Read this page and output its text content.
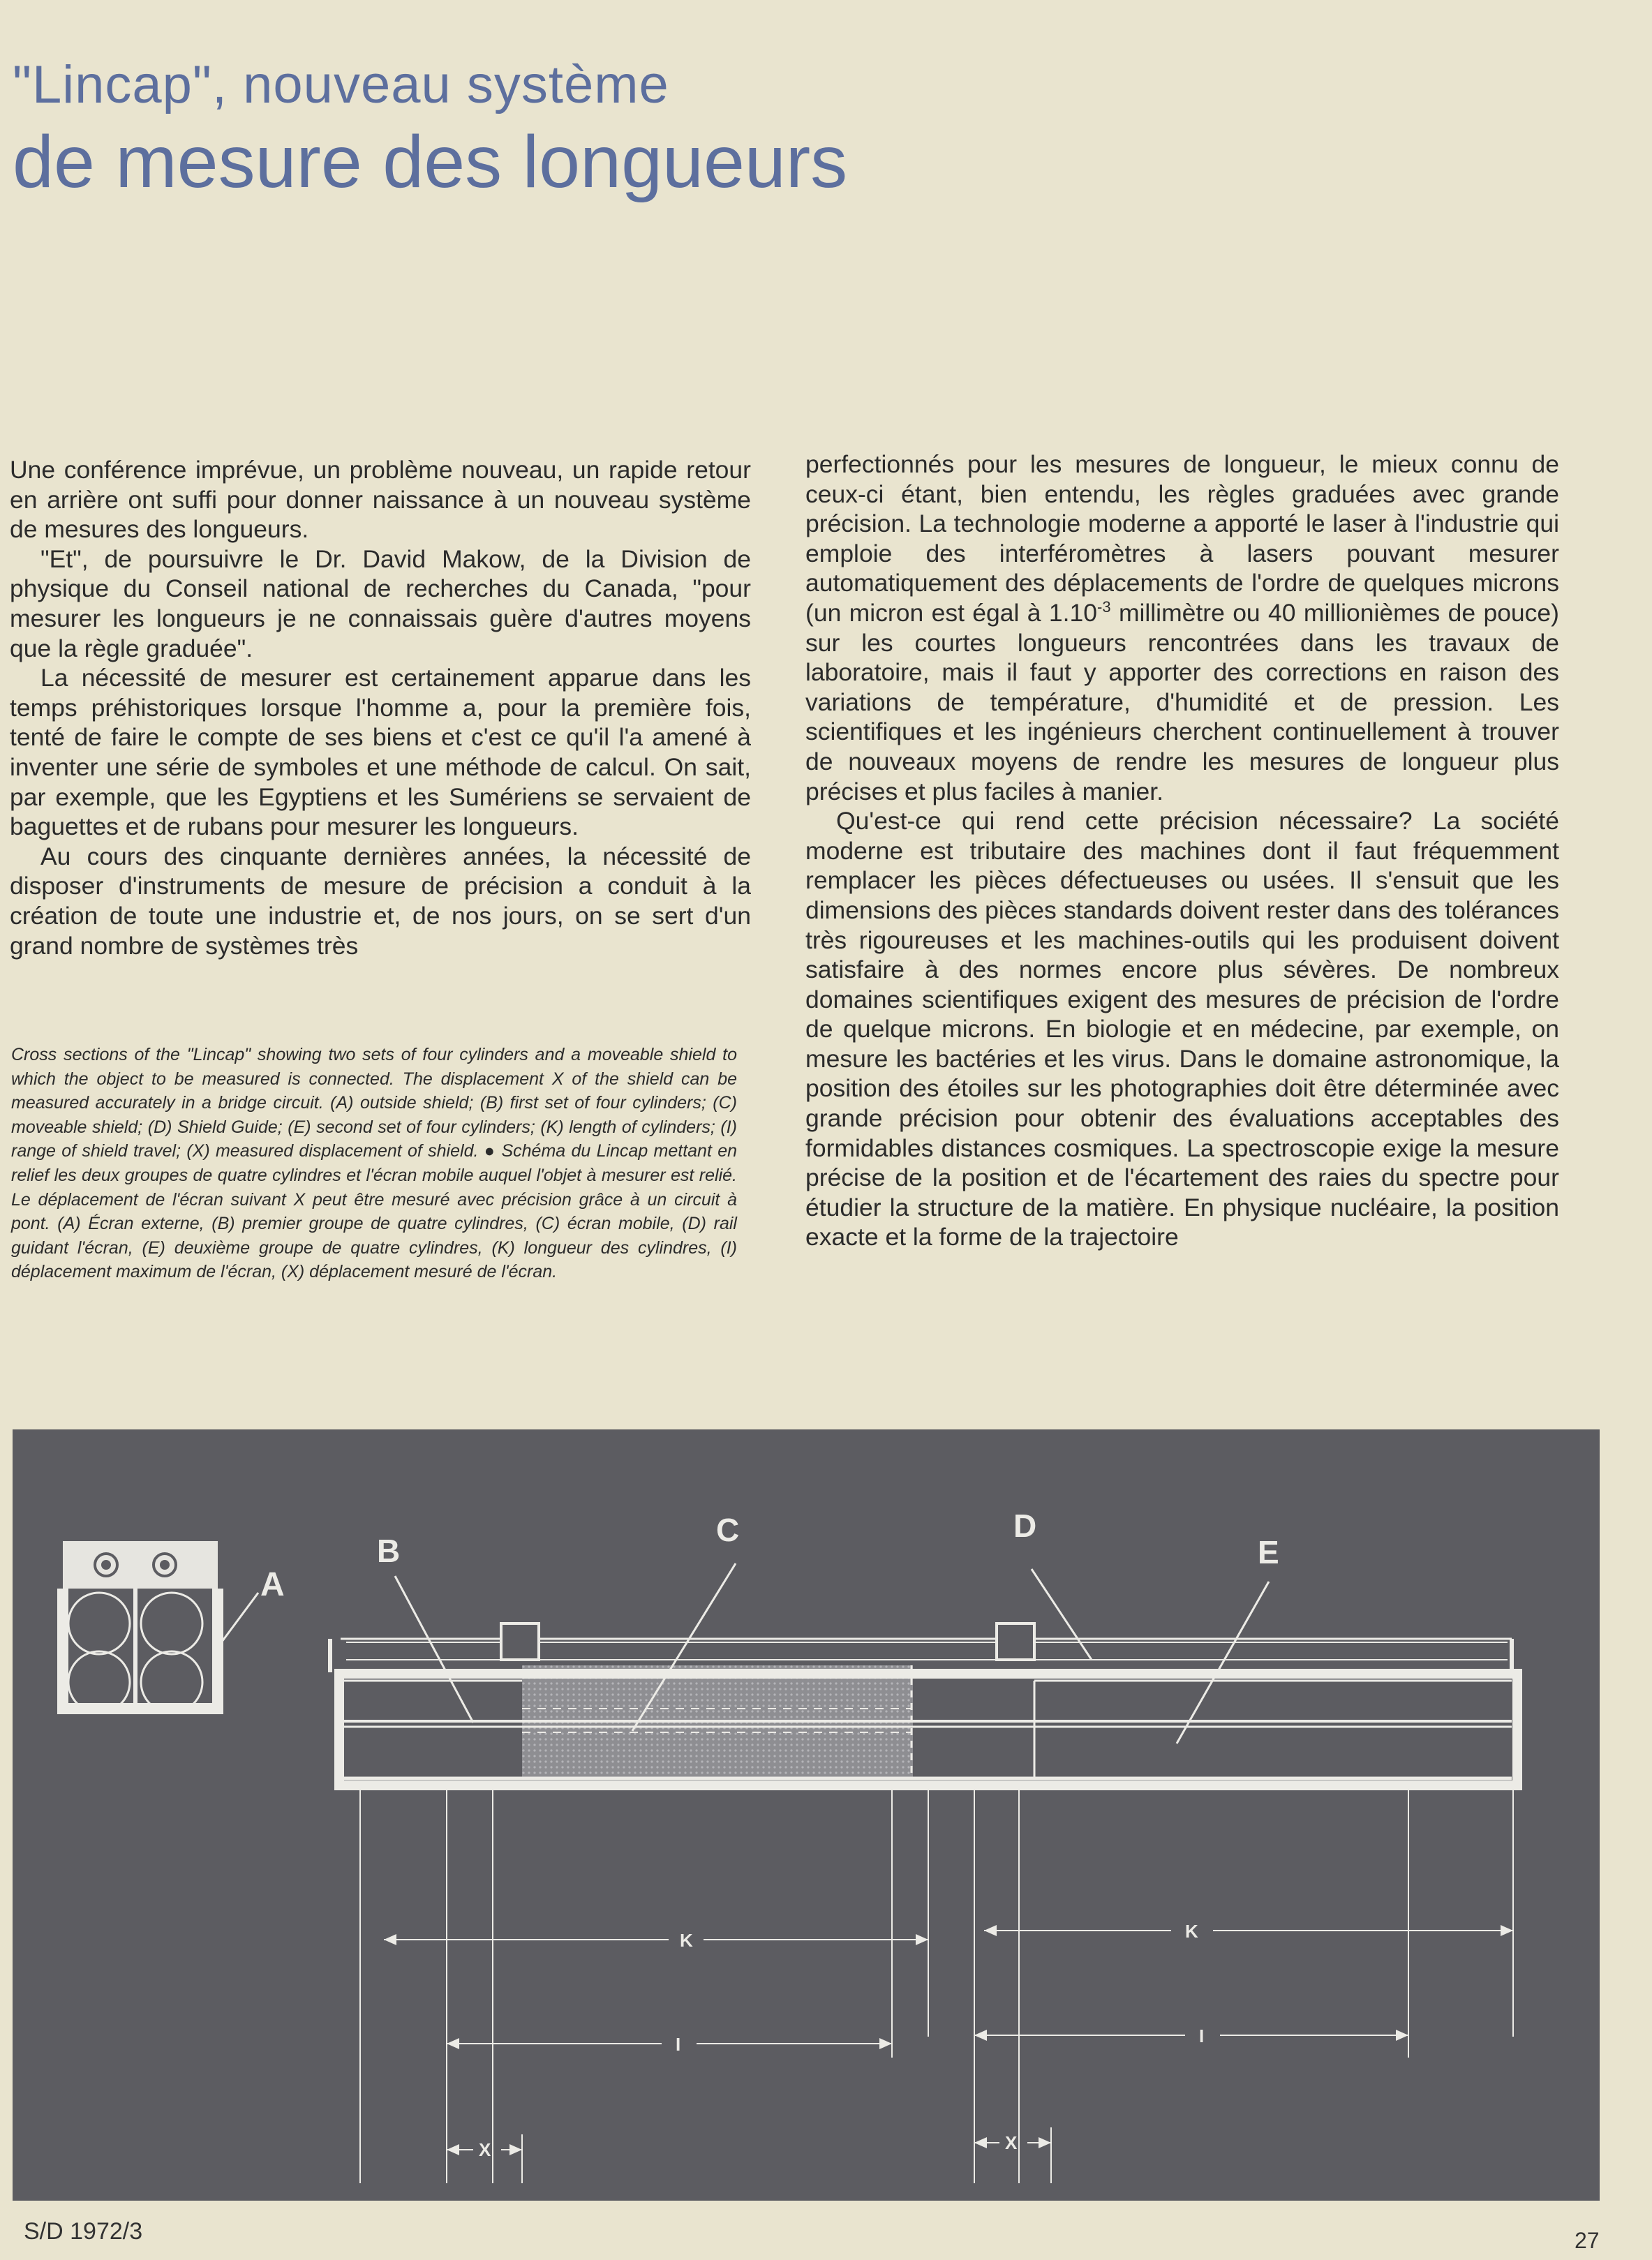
"Lincap", nouveau système
de mesure des longueurs

Une conférence imprévue, un problème nouveau, un rapide retour en arrière ont suffi pour donner naissance à un nouveau système de mesures des longueurs.

"Et", de poursuivre le Dr. David Makow, de la Division de physique du Conseil national de recherches du Canada, "pour mesurer les longueurs je ne connaissais guère d'autres moyens que la règle graduée".

La nécessité de mesurer est certainement apparue dans les temps préhistoriques lorsque l'homme a, pour la première fois, tenté de faire le compte de ses biens et c'est ce qu'il l'a amené à inventer une série de symboles et une méthode de calcul. On sait, par exemple, que les Egyptiens et les Sumériens se servaient de baguettes et de rubans pour mesurer les longueurs.

Au cours des cinquante dernières années, la nécessité de disposer d'instruments de mesure de précision a conduit à la création de toute une industrie et, de nos jours, on se sert d'un grand nombre de systèmes très

perfectionnés pour les mesures de longueur, le mieux connu de ceux-ci étant, bien entendu, les règles graduées avec grande précision. La technologie moderne a apporté le laser à l'industrie qui emploie des interféromètres à lasers pouvant mesurer automatiquement des déplacements de l'ordre de quelques microns (un micron est égal à $1.10^{-3}$ millimètre ou 40 millionièmes de pouce) sur les courtes longueurs rencontrées dans les travaux de laboratoire, mais il faut y apporter des corrections en raison des variations de température, d'humidité et de pression. Les scientifiques et les ingénieurs cherchent continuellement à trouver de nouveaux moyens de rendre les mesures de longueur plus précises et plus faciles à manier.

Qu'est-ce qui rend cette précision nécessaire? La société moderne est tributaire des machines dont il faut fréquemment remplacer les pièces défectueuses ou usées. Il s'ensuit que les dimensions des pièces standards doivent rester dans des tolérances très rigoureuses et les machines-outils qui les produisent doivent satisfaire à des normes encore plus sévères. De nombreux domaines scientifiques exigent des mesures de précision de l'ordre de quelque microns. En biologie et en médecine, par exemple, on mesure les bactéries et les virus. Dans le domaine astronomique, la position des étoiles sur les photographies doit être déterminée avec grande précision pour obtenir des évaluations acceptables des formidables distances cosmiques. La spectroscopie exige la mesure précise de la position et de l'écartement des raies du spectre pour étudier la structure de la matière. En physique nucléaire, la position exacte et la forme de la trajectoire

Cross sections of the "Lincap" showing two sets of four cylinders and a moveable shield to which the object to be measured is connected. The displacement X of the shield can be measured accurately in a bridge circuit. (A) outside shield; (B) first set of four cylinders; (C) moveable shield; (D) Shield Guide; (E) second set of four cylinders; (K) length of cylinders; (I) range of shield travel; (X) measured displacement of shield. ● Schéma du Lincap mettant en relief les deux groupes de quatre cylindres et l'écran mobile auquel l'objet à mesurer est relié. Le déplacement de l'écran suivant X peut être mesuré avec précision grâce à un circuit à pont. (A) Écran externe, (B) premier groupe de quatre cylindres, (C) écran mobile, (D) rail guidant l'écran, (E) deuxième groupe de quatre cylindres, (K) longueur des cylindres, (I) déplacement maximum de l'écran, (X) déplacement mesuré de l'écran.
A
B
C	D
E
K	K
I	I
X	X
S/D 1972/3	27
